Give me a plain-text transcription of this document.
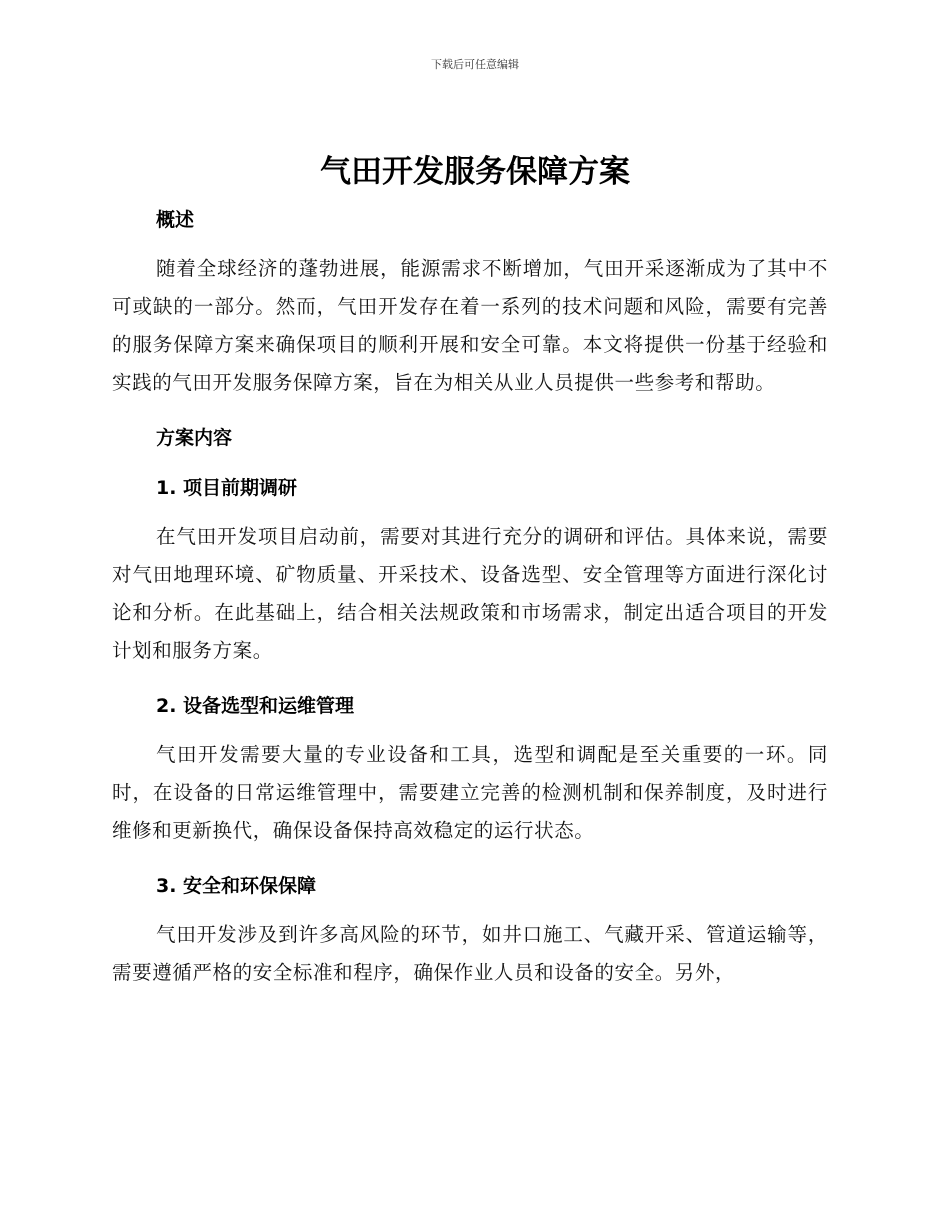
下载后可任意编辑
气田开发服务保障方案
概述

随着全球经济的蓬勃进展，能源需求不断增加，气田开采逐渐成为了其中不可或缺的一部分。然而，气田开发存在着一系列的技术问题和风险，需要有完善的服务保障方案来确保项目的顺利开展和安全可靠。本文将提供一份基于经验和实践的气田开发服务保障方案，旨在为相关从业人员提供一些参考和帮助。

方案内容
1. 项目前期调研

在气田开发项目启动前，需要对其进行充分的调研和评估。具体来说，需要对气田地理环境、矿物质量、开采技术、设备选型、安全管理等方面进行深化讨论和分析。在此基础上，结合相关法规政策和市场需求，制定出适合项目的开发计划和服务方案。

2. 设备选型和运维管理

气田开发需要大量的专业设备和工具，选型和调配是至关重要的一环。同时，在设备的日常运维管理中，需要建立完善的检测机制和保养制度，及时进行维修和更新换代，确保设备保持高效稳定的运行状态。

3. 安全和环保保障

气田开发涉及到许多高风险的环节，如井口施工、气藏开采、管道运输等，需要遵循严格的安全标准和程序，确保作业人员和设备的安全。另外，
